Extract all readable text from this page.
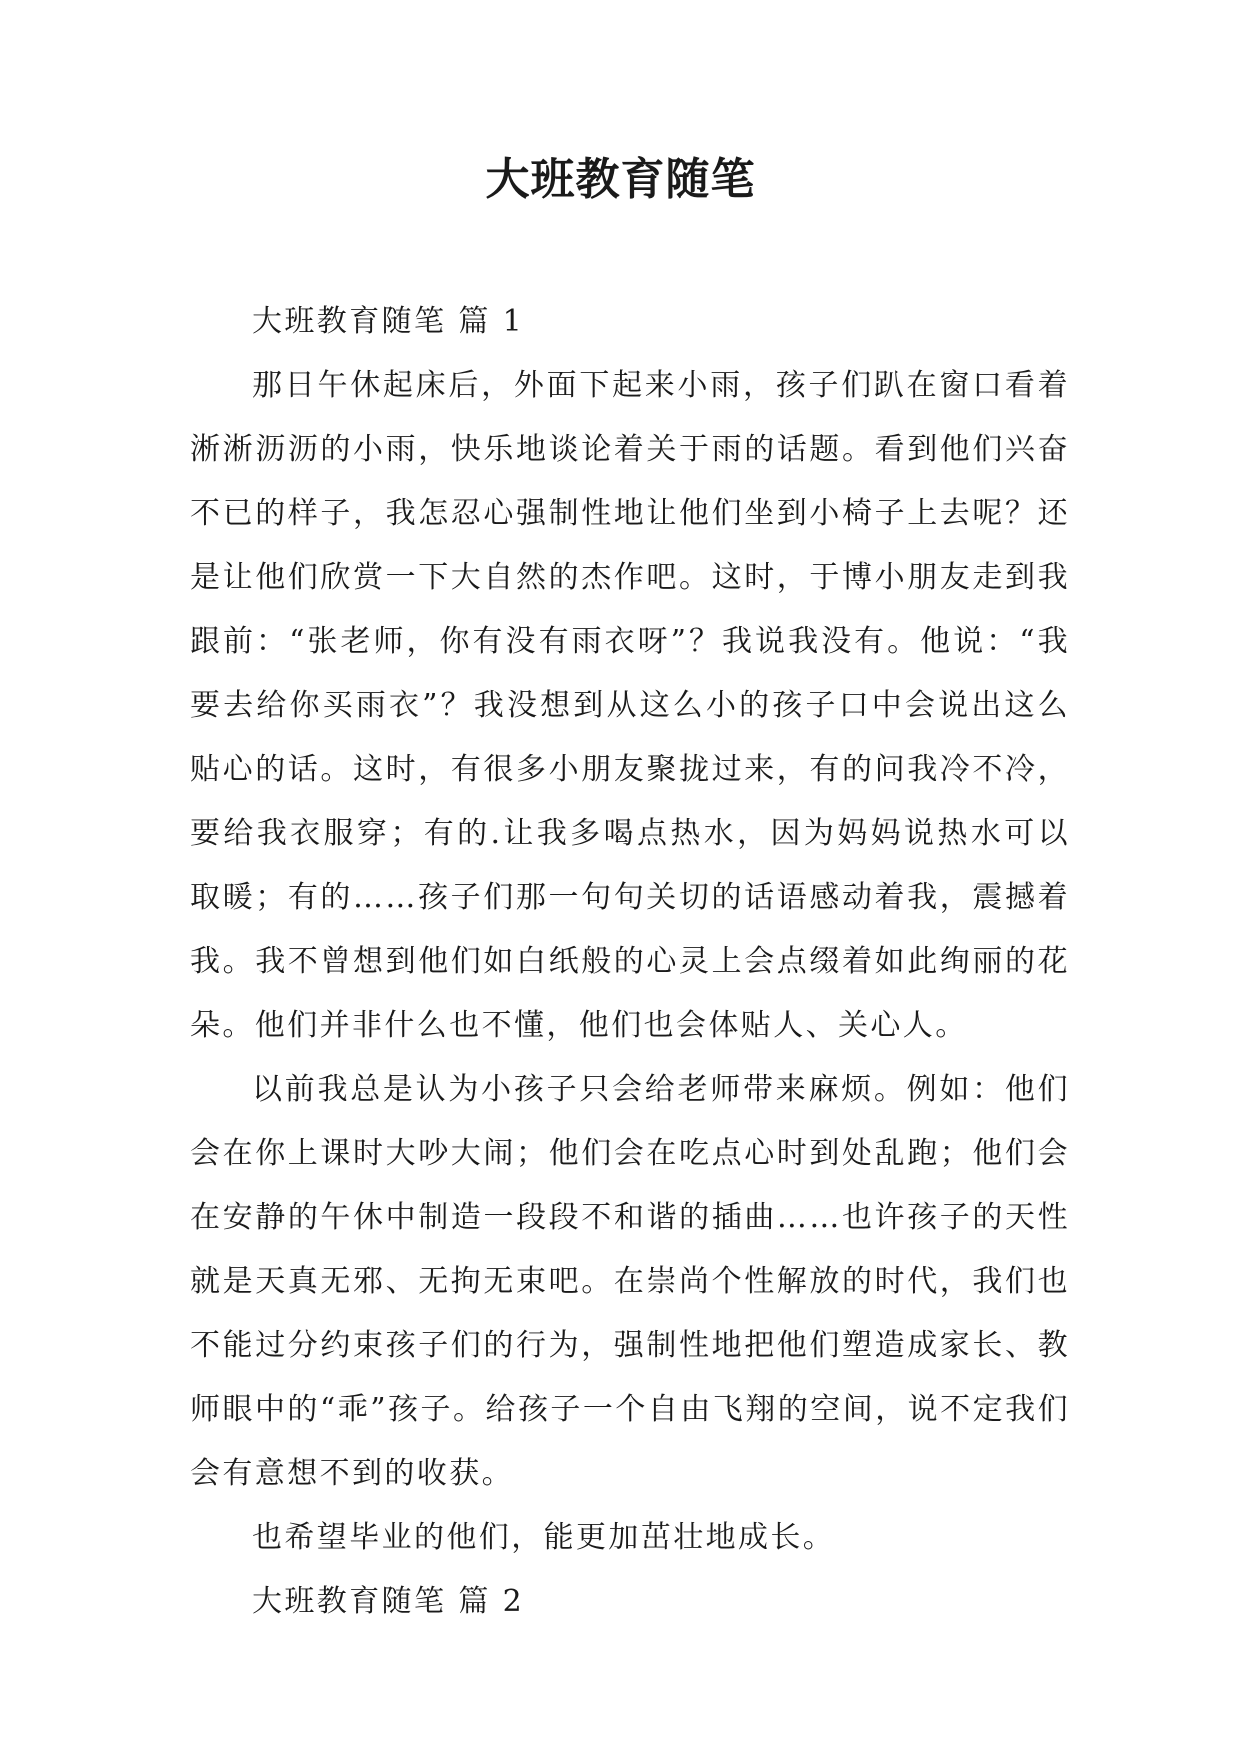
大班教育随笔

大班教育随笔 篇 1

那日午休起床后，外面下起来小雨，孩子们趴在窗口看着淅淅沥沥的小雨，快乐地谈论着关于雨的话题。看到他们兴奋不已的样子，我怎忍心强制性地让他们坐到小椅子上去呢？还是让他们欣赏一下大自然的杰作吧。这时，于博小朋友走到我跟前：“张老师，你有没有雨衣呀”？我说我没有。他说：“我要去给你买雨衣”？我没想到从这么小的孩子口中会说出这么贴心的话。这时，有很多小朋友聚拢过来，有的问我冷不冷，要给我衣服穿；有的.让我多喝点热水，因为妈妈说热水可以取暖；有的……孩子们那一句句关切的话语感动着我，震撼着我。我不曾想到他们如白纸般的心灵上会点缀着如此绚丽的花朵。他们并非什么也不懂，他们也会体贴人、关心人。

以前我总是认为小孩子只会给老师带来麻烦。例如：他们会在你上课时大吵大闹；他们会在吃点心时到处乱跑；他们会在安静的午休中制造一段段不和谐的插曲……也许孩子的天性就是天真无邪、无拘无束吧。在崇尚个性解放的时代，我们也不能过分约束孩子们的行为，强制性地把他们塑造成家长、教师眼中的“乖”孩子。给孩子一个自由飞翔的空间，说不定我们会有意想不到的收获。

也希望毕业的他们，能更加茁壮地成长。

大班教育随笔 篇 2
